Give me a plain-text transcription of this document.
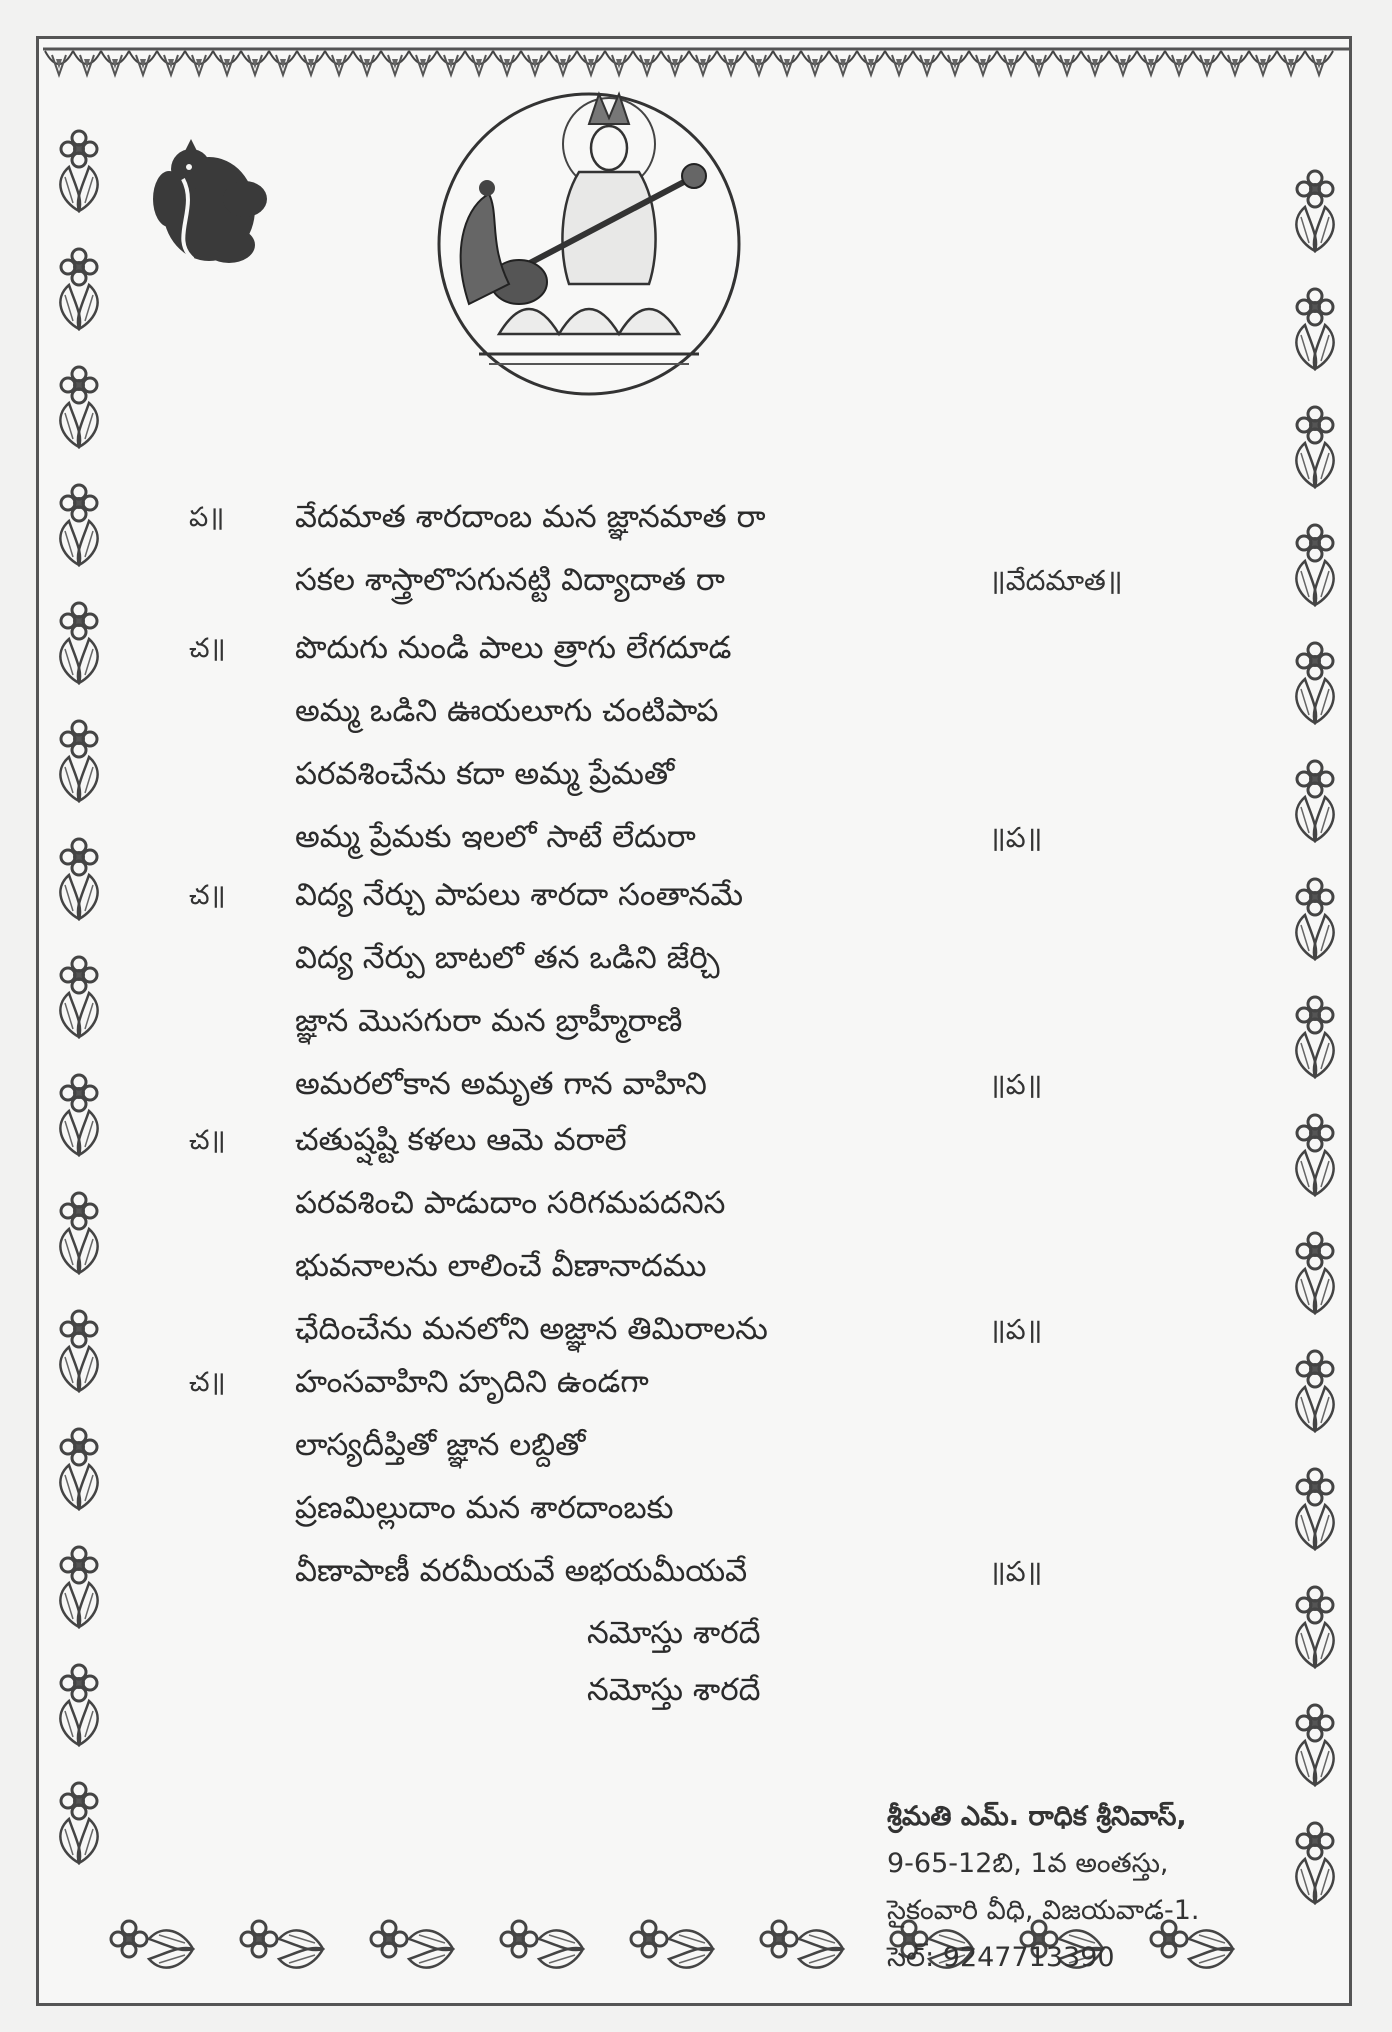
ప॥	వేదమాత శారదాంబ మన జ్ఞానమాత రా
సకల శాస్త్రాలొసగునట్టి విద్యాదాత రా	॥వేదమాత॥
చ॥	పొదుగు నుండి పాలు త్రాగు లేగదూడ
అమ్మ ఒడిని ఊయలూగు చంటిపాప
పరవశించేను కదా అమ్మ ప్రేమతో
అమ్మ ప్రేమకు ఇలలో సాటే లేదురా	॥ప॥
చ॥	విద్య నేర్చు పాపలు శారదా సంతానమే
విద్య నేర్పు బాటలో తన ఒడిని జేర్చి
జ్ఞాన మొసగురా మన బ్రాహ్మీరాణి
అమరలోకాన అమృత గాన వాహిని	॥ప॥
చ॥	చతుష్షష్టి కళలు ఆమె వరాలే
పరవశించి పాడుదాం సరిగమపదనిస
భువనాలను లాలించే వీణానాదము
ఛేదించేను మనలోని అజ్ఞాన తిమిరాలను	॥ప॥
చ॥	హంసవాహిని హృదిని ఉండగా
లాస్యదీప్తితో జ్ఞాన లబ్దితో
ప్రణమిల్లుదాం మన శారదాంబకు
వీణాపాణీ వరమీయవే అభయమీయవే	॥ప॥
నమోస్తు శారదే
నమోస్తు శారదే
శ్రీమతి ఎమ్. రాధిక శ్రీనివాస్,
9-65-12బి, 1వ అంతస్తు,
సైకంవారి వీధి, విజయవాడ-1.
సెల్: 9247713390
